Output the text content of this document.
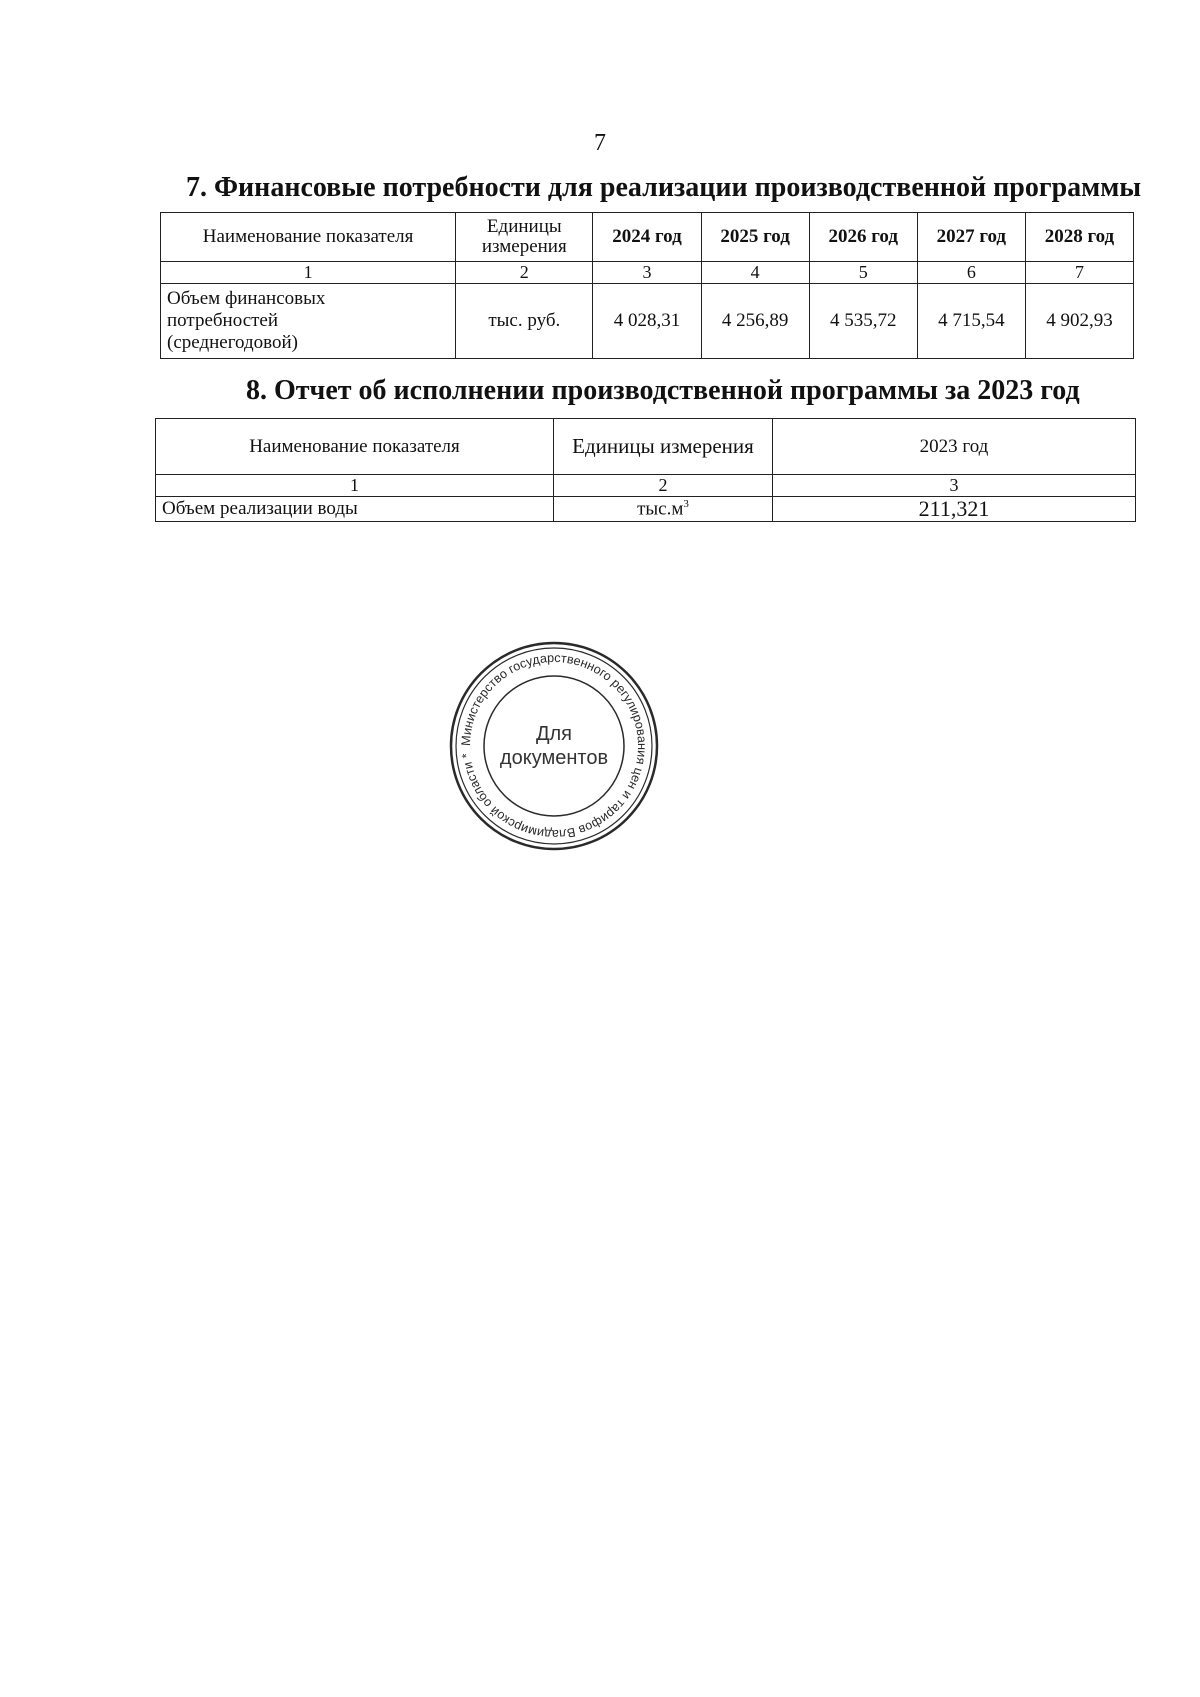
7
7. Финансовые потребности для реализации производственной программы
Наименование показателя	Единицы измерения	2024 год	2025 год	2026 год	2027 год	2028 год
1	2	3	4	5	6	7

Объем финансовых
потребностей
(среднегодовой)	тыс. руб.	4 028,31	4 256,89	4 535,72	4 715,54	4 902,93
8. Отчет об исполнении производственной программы за 2023 год
Наименование показателя	Единицы измерения	2023 год
1	2	3
Объем реализации воды	$тыс.м^3$	211,321
Министерство государственного регулирования цен и тарифов Владимирской области *
Для
документов
